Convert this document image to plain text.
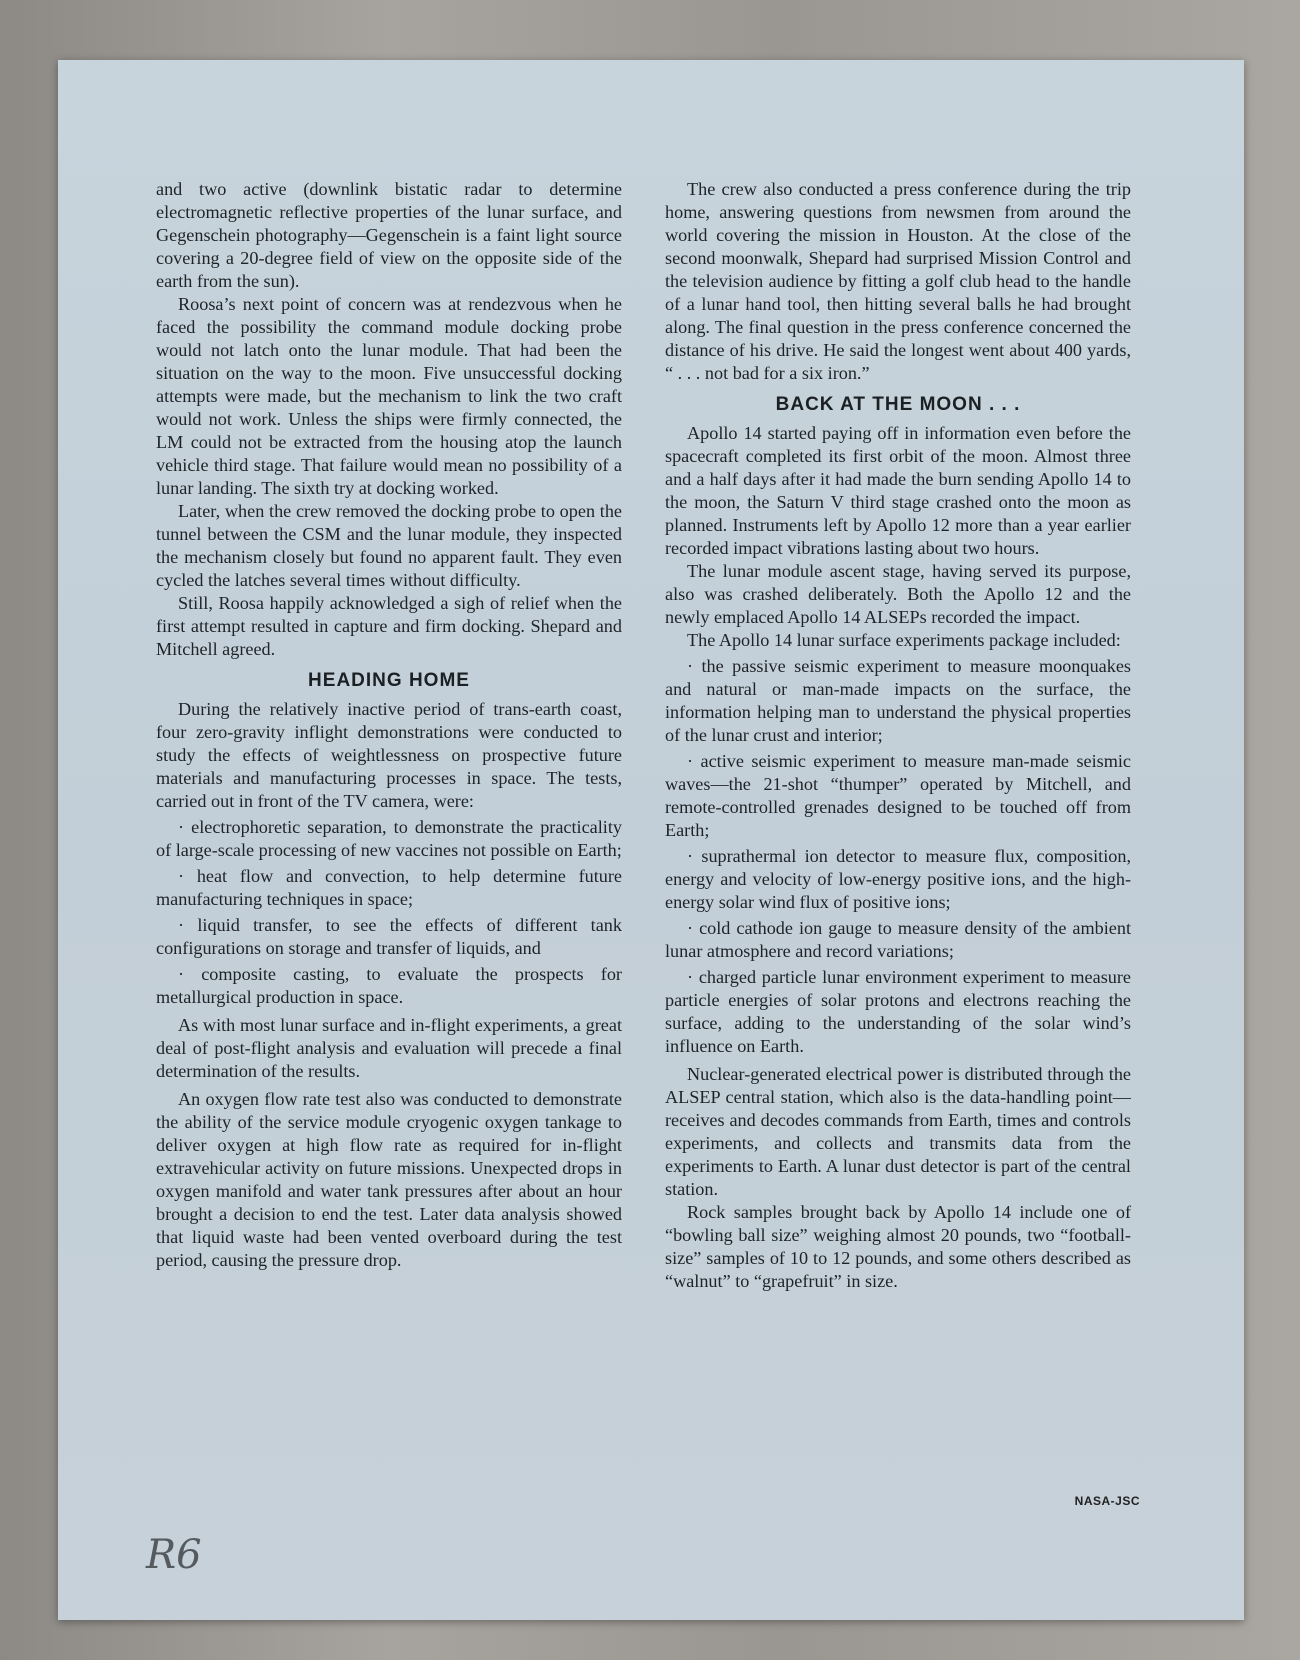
and two active (downlink bistatic radar to determine electromagnetic reflective properties of the lunar surface, and Gegenschein photography—Gegenschein is a faint light source covering a 20-degree field of view on the opposite side of the earth from the sun).

Roosa’s next point of concern was at rendezvous when he faced the possibility the command module docking probe would not latch onto the lunar module. That had been the situation on the way to the moon. Five unsuccessful docking attempts were made, but the mechanism to link the two craft would not work. Unless the ships were firmly connected, the LM could not be extracted from the housing atop the launch vehicle third stage. That failure would mean no possibility of a lunar landing. The sixth try at docking worked.

Later, when the crew removed the docking probe to open the tunnel between the CSM and the lunar module, they inspected the mechanism closely but found no apparent fault. They even cycled the latches several times without difficulty.

Still, Roosa happily acknowledged a sigh of relief when the first attempt resulted in capture and firm docking. Shepard and Mitchell agreed.

HEADING HOME

During the relatively inactive period of trans-earth coast, four zero-gravity inflight demonstrations were conducted to study the effects of weightlessness on prospective future materials and manufacturing processes in space. The tests, carried out in front of the TV camera, were:

· electrophoretic separation, to demonstrate the practicality of large-scale processing of new vaccines not possible on Earth;

· heat flow and convection, to help determine future manufacturing techniques in space;

· liquid transfer, to see the effects of different tank configurations on storage and transfer of liquids, and

· composite casting, to evaluate the prospects for metallurgical production in space.

As with most lunar surface and in-flight experiments, a great deal of post-flight analysis and evaluation will precede a final determination of the results.

An oxygen flow rate test also was conducted to demonstrate the ability of the service module cryogenic oxygen tankage to deliver oxygen at high flow rate as required for in-flight extravehicular activity on future missions. Unexpected drops in oxygen manifold and water tank pressures after about an hour brought a decision to end the test. Later data analysis showed that liquid waste had been vented overboard during the test period, causing the pressure drop.

The crew also conducted a press conference during the trip home, answering questions from newsmen from around the world covering the mission in Houston. At the close of the second moonwalk, Shepard had surprised Mission Control and the television audience by fitting a golf club head to the handle of a lunar hand tool, then hitting several balls he had brought along. The final question in the press conference concerned the distance of his drive. He said the longest went about 400 yards, “ . . . not bad for a six iron.”

BACK AT THE MOON . . .

Apollo 14 started paying off in information even before the spacecraft completed its first orbit of the moon. Almost three and a half days after it had made the burn sending Apollo 14 to the moon, the Saturn V third stage crashed onto the moon as planned. Instruments left by Apollo 12 more than a year earlier recorded impact vibrations lasting about two hours.

The lunar module ascent stage, having served its purpose, also was crashed deliberately. Both the Apollo 12 and the newly emplaced Apollo 14 ALSEPs recorded the impact.

The Apollo 14 lunar surface experiments package included:

· the passive seismic experiment to measure moonquakes and natural or man-made impacts on the surface, the information helping man to understand the physical properties of the lunar crust and interior;

· active seismic experiment to measure man-made seismic waves—the 21-shot “thumper” operated by Mitchell, and remote-controlled grenades designed to be touched off from Earth;

· suprathermal ion detector to measure flux, composition, energy and velocity of low-energy positive ions, and the high-energy solar wind flux of positive ions;

· cold cathode ion gauge to measure density of the ambient lunar atmosphere and record variations;

· charged particle lunar environment experiment to measure particle energies of solar protons and electrons reaching the surface, adding to the understanding of the solar wind’s influence on Earth.

Nuclear-generated electrical power is distributed through the ALSEP central station, which also is the data-handling point—receives and decodes commands from Earth, times and controls experiments, and collects and transmits data from the experiments to Earth. A lunar dust detector is part of the central station.

Rock samples brought back by Apollo 14 include one of “bowling ball size” weighing almost 20 pounds, two “football-size” samples of 10 to 12 pounds, and some others described as “walnut” to “grapefruit” in size.

NASA-JSC
R6
